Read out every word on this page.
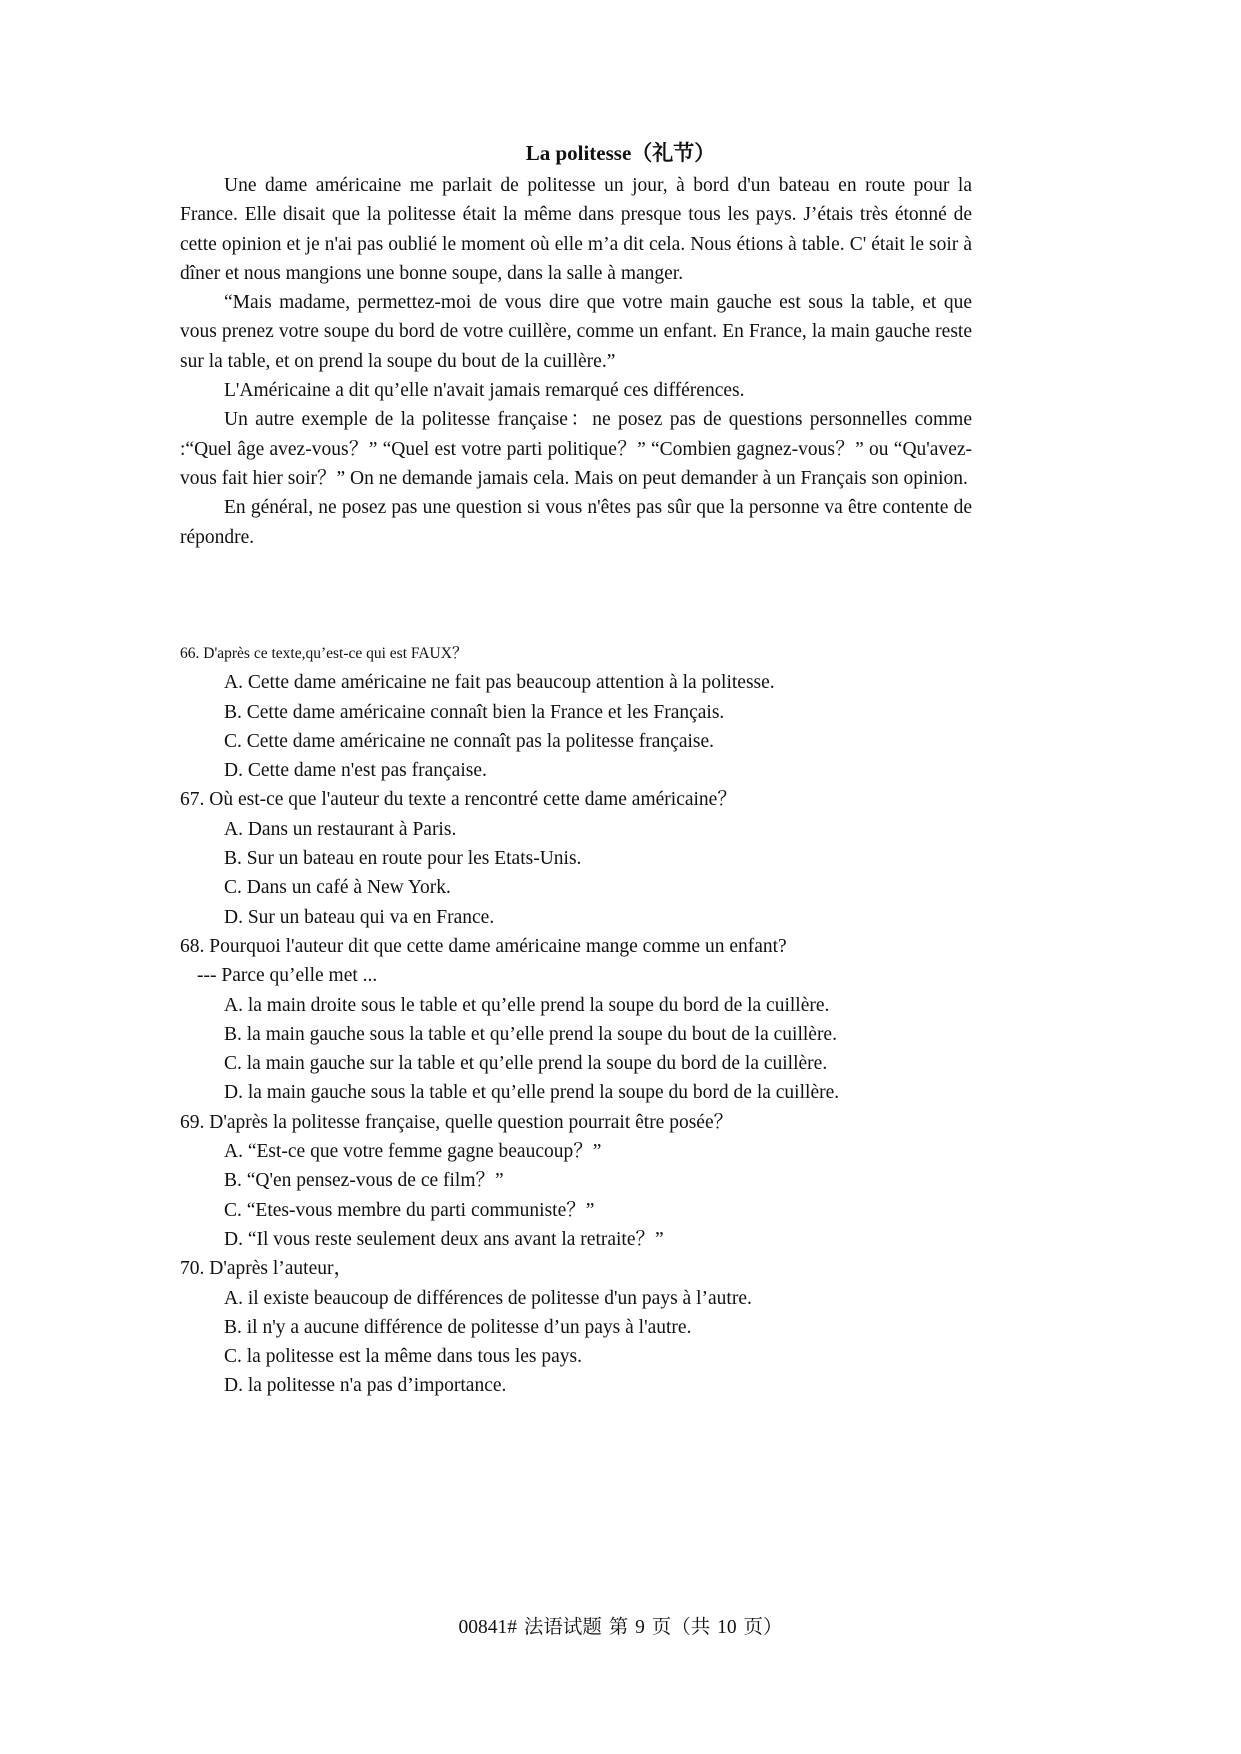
La politesse（礼节）

Une dame américaine me parlait de politesse un jour, à bord d'un bateau en route pour la France. Elle disait que la politesse était la même dans presque tous les pays. J’étais très étonné de cette opinion et je n'ai pas oublié le moment où elle m’a dit cela. Nous étions à table. C' était le soir à dîner et nous mangions une bonne soupe, dans la salle à manger.

“Mais madame, permettez-moi de vous dire que votre main gauche est sous la table, et que vous prenez votre soupe du bord de votre cuillère, comme un enfant. En France, la main gauche reste sur la table, et on prend la soupe du bout de la cuillère.”

L'Américaine a dit qu’elle n'avait jamais remarqué ces différences.

Un autre exemple de la politesse française：ne posez pas de questions personnelles comme :“Quel âge avez-vous？” “Quel est votre parti politique？” “Combien gagnez-vous？” ou “Qu'avez-vous fait hier soir？” On ne demande jamais cela. Mais on peut demander à un Français son opinion.

En général, ne posez pas une question si vous n'êtes pas sûr que la personne va être contente de répondre.

66. D'après ce texte,qu’est-ce qui est FAUX？
A. Cette dame américaine ne fait pas beaucoup attention à la politesse.
B. Cette dame américaine connaît bien la France et les Français.
C. Cette dame américaine ne connaît pas la politesse française.
D. Cette dame n'est pas française.
67. Où est-ce que l'auteur du texte a rencontré cette dame américaine？
A. Dans un restaurant à Paris.
B. Sur un bateau en route pour les Etats-Unis.
C. Dans un café à New York.
D. Sur un bateau qui va en France.
68. Pourquoi l'auteur dit que cette dame américaine mange comme un enfant?
--- Parce qu’elle met ...
A. la main droite sous le table et qu’elle prend la soupe du bord de la cuillère.
B. la main gauche sous la table et qu’elle prend la soupe du bout de la cuillère.
C. la main gauche sur la table et qu’elle prend la soupe du bord de la cuillère.
D. la main gauche sous la table et qu’elle prend la soupe du bord de la cuillère.
69. D'après la politesse française, quelle question pourrait être posée？
A. “Est-ce que votre femme gagne beaucoup？”
B. “Q'en pensez-vous de ce film？”
C. “Etes-vous membre du parti communiste？”
D. “Il vous reste seulement deux ans avant la retraite？”
70. D'après l’auteur，
A. il existe beaucoup de différences de politesse d'un pays à l’autre.
B. il n'y a aucune différence de politesse d’un pays à l'autre.
C. la politesse est la même dans tous les pays.
D. la politesse n'a pas d’importance.
00841# 法语试题 第 9 页（共 10 页）
